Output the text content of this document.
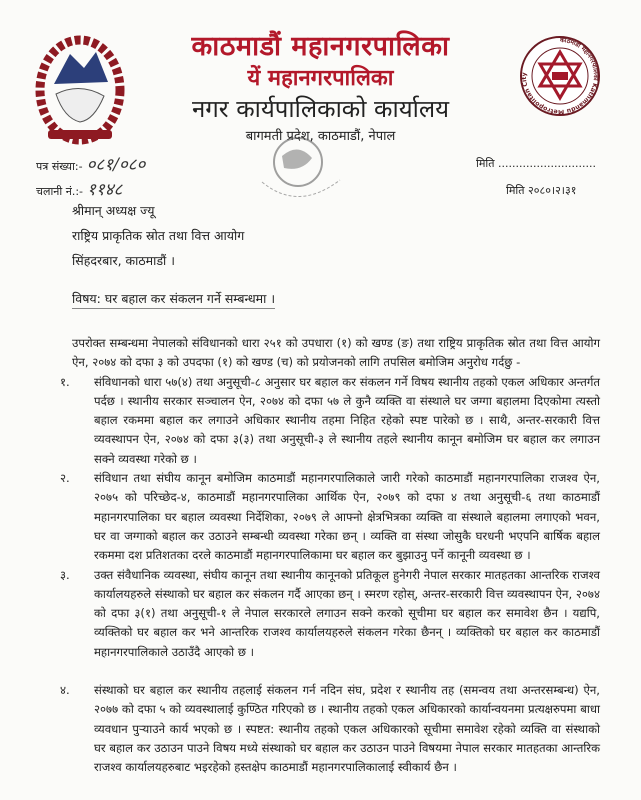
काठमाडौं महानगरपालिका Kathmandu Metropolitan City
काठमाडौं महानगरपालिका
यें महानगरपालिका
नगर कार्यपालिकाको कार्यालय
बागमती प्रदेश, काठमाडौं, नेपाल
पत्र संख्या:- ०८१/०८०
चलानी नं.:- ११४८
मिति ............................
मिति २०८०।२।३१
श्रीमान् अध्यक्ष ज्यू
राष्ट्रिय प्राकृतिक स्रोत तथा वित्त आयोग
सिंहदरबार, काठमाडौं ।
विषय: घर बहाल कर संकलन गर्ने सम्बन्धमा ।
उपरोक्त सम्बन्धमा नेपालको संविधानको धारा २५१ को उपधारा (१) को खण्ड (ङ) तथा राष्ट्रिय प्राकृतिक स्रोत तथा वित्त आयोग ऐन, २०७४ को दफा ३ को उपदफा (१) को खण्ड (च) को प्रयोजनको लागि तपसिल बमोजिम अनुरोध गर्दछु -
१. संविधानको धारा ५७(४) तथा अनुसूची-८ अनुसार घर बहाल कर संकलन गर्ने विषय स्थानीय तहको एकल अधिकार अन्तर्गत पर्दछ । स्थानीय सरकार सञ्चालन ऐन, २०७४ को दफा ५७ ले कुनै व्यक्ति वा संस्थाले घर जग्गा बहालमा दिएकोमा त्यस्तो बहाल रकममा बहाल कर लगाउने अधिकार स्थानीय तहमा निहित रहेको स्पष्ट पारेको छ । साथै, अन्तर-सरकारी वित्त व्यवस्थापन ऐन, २०७४ को दफा ३(३) तथा अनुसूची-३ ले स्थानीय तहले स्थानीय कानून बमोजिम घर बहाल कर लगाउन सक्ने व्यवस्था गरेको छ ।
२. संविधान तथा संघीय कानून बमोजिम काठमाडौं महानगरपालिकाले जारी गरेको काठमाडौं महानगरपालिका राजश्व ऐन, २०७५ को परिच्छेद-४, काठमाडौं महानगरपालिका आर्थिक ऐन, २०७९ को दफा ४ तथा अनुसूची-६ तथा काठमाडौं महानगरपालिका घर बहाल व्यवस्था निर्देशिका, २०७९ ले आफ्नो क्षेत्रभित्रका व्यक्ति वा संस्थाले बहालमा लगाएको भवन, घर वा जग्गाको बहाल कर उठाउने सम्बन्धी व्यवस्था गरेका छन् । व्यक्ति वा संस्था जोसुकै घरधनी भएपनि बार्षिक बहाल रकममा दश प्रतिशतका दरले काठमाडौं महानगरपालिकामा घर बहाल कर बुझाउनु पर्ने कानूनी व्यवस्था छ ।
३. उक्त संवैधानिक व्यवस्था, संघीय कानून तथा स्थानीय कानूनको प्रतिकूल हुनेगरी नेपाल सरकार मातहतका आन्तरिक राजश्व कार्यालयहरुले संस्थाको घर बहाल कर संकलन गर्दै आएका छन् । स्मरण रहोस्, अन्तर-सरकारी वित्त व्यवस्थापन ऐन, २०७४ को दफा ३(१) तथा अनुसूची-१ ले नेपाल सरकारले लगाउन सक्ने करको सूचीमा घर बहाल कर समावेश छैन । यद्यपि, व्यक्तिको घर बहाल कर भने आन्तरिक राजश्व कार्यालयहरुले संकलन गरेका छैनन् । व्यक्तिको घर बहाल कर काठमाडौं महानगरपालिकाले उठाउँदै आएको छ ।
४. संस्थाको घर बहाल कर स्थानीय तहलाई संकलन गर्न नदिन संघ, प्रदेश र स्थानीय तह (समन्वय तथा अन्तरसम्बन्ध) ऐन, २०७७ को दफा ५ को व्यवस्थालाई कुण्ठित गरिएको छ । स्थानीय तहको एकल अधिकारको कार्यान्वयनमा प्रत्यक्षरुपमा बाधा व्यवधान पुर्‍याउने कार्य भएको छ । स्पष्टत: स्थानीय तहको एकल अधिकारको सूचीमा समावेश रहेको व्यक्ति वा संस्थाको घर बहाल कर उठाउन पाउने विषय मध्ये संस्थाको घर बहाल कर उठाउन पाउने विषयमा नेपाल सरकार मातहतका आन्तरिक राजश्व कार्यालयहरुबाट भइरहेको हस्तक्षेप काठमाडौं महानगरपालिकालाई स्वीकार्य छैन ।
